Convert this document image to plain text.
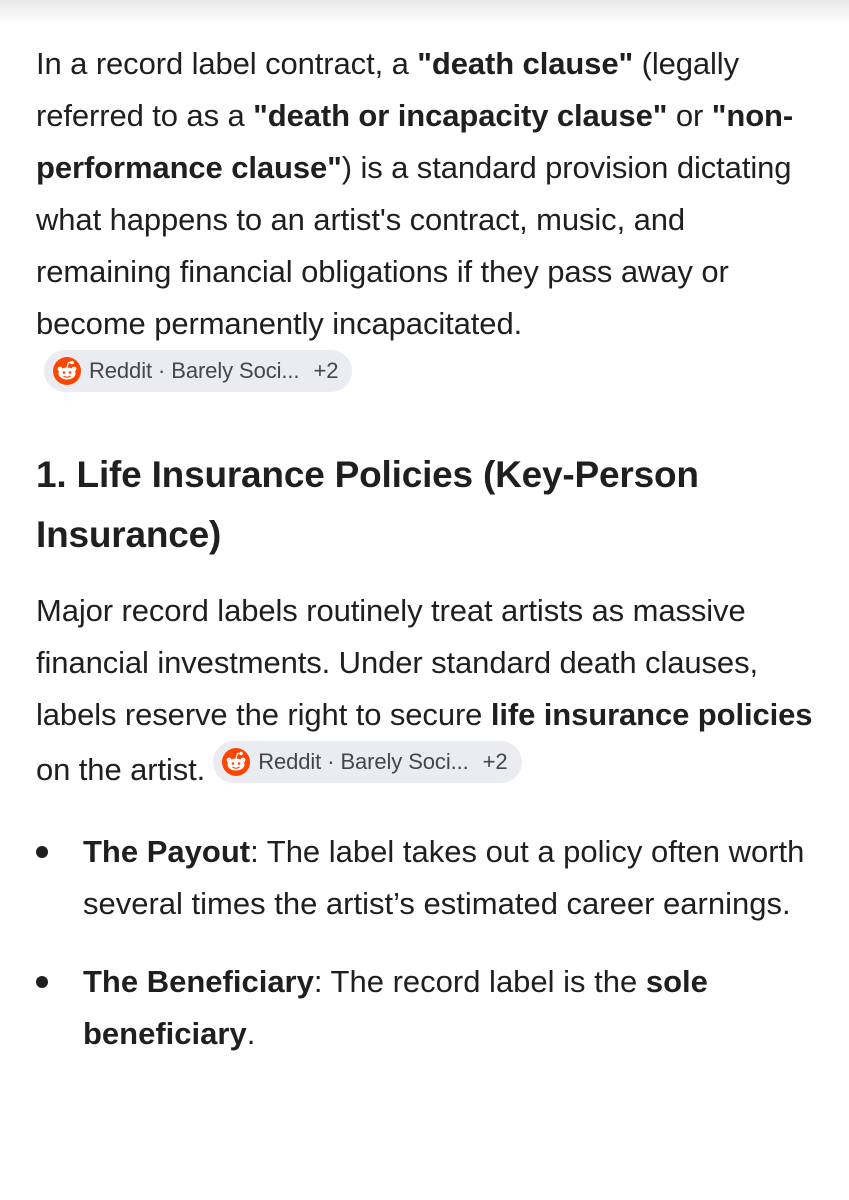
In a record label contract, a "death clause" (legally referred to as a "death or incapacity clause" or "non-performance clause") is a standard provision dictating what happens to an artist's contract, music, and remaining financial obligations if they pass away or become permanently incapacitated.
Reddit · Barely Soci... +2

1. Life Insurance Policies (Key-Person Insurance)

Major record labels routinely treat artists as massive financial investments. Under standard death clauses, labels reserve the right to secure life insurance policies on the artist. Reddit · Barely Soci... +2

The Payout: The label takes out a policy often worth several times the artist’s estimated career earnings.
The Beneficiary: The record label is the sole beneficiary.
